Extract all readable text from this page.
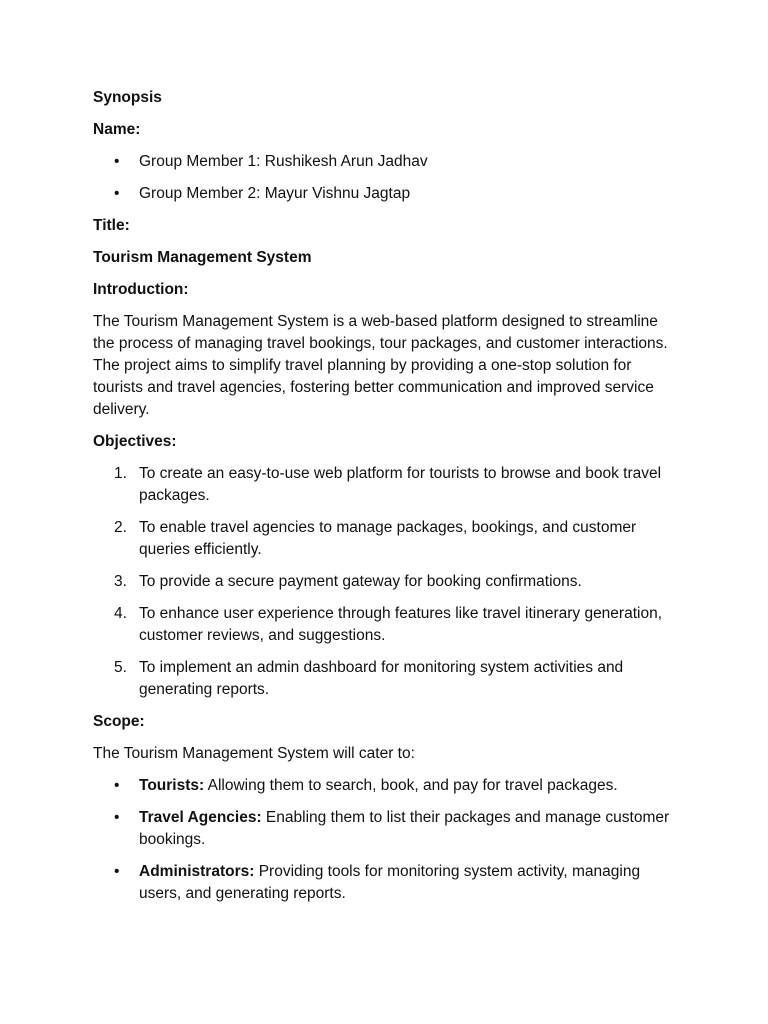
Synopsis

Name:

• Group Member 1: Rushikesh Arun Jadhav
• Group Member 2: Mayur Vishnu Jagtap

Title:

Tourism Management System

Introduction:

The Tourism Management System is a web-based platform designed to streamline the process of managing travel bookings, tour packages, and customer interactions. The project aims to simplify travel planning by providing a one-stop solution for tourists and travel agencies, fostering better communication and improved service delivery.

Objectives:

1. To create an easy-to-use web platform for tourists to browse and book travel packages.
2. To enable travel agencies to manage packages, bookings, and customer queries efficiently.
3. To provide a secure payment gateway for booking confirmations.
4. To enhance user experience through features like travel itinerary generation, customer reviews, and suggestions.
5. To implement an admin dashboard for monitoring system activities and generating reports.

Scope:

The Tourism Management System will cater to:

• Tourists: Allowing them to search, book, and pay for travel packages.
• Travel Agencies: Enabling them to list their packages and manage customer bookings.
• Administrators: Providing tools for monitoring system activity, managing users, and generating reports.
